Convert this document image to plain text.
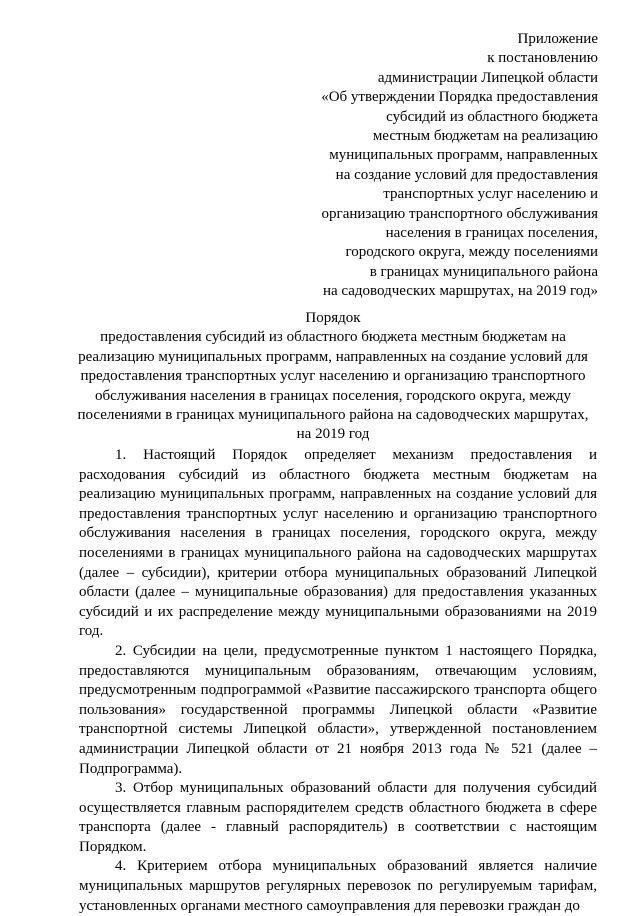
Приложение
к постановлению
администрации Липецкой области
«Об утверждении Порядка предоставления
субсидий из областного бюджета
местным бюджетам на реализацию
муниципальных программ, направленных
на создание условий для предоставления
транспортных услуг населению и
организацию транспортного обслуживания
населения в границах поселения,
городского округа, между поселениями
в границах муниципального района
на садоводческих маршрутах, на 2019 год»
Порядок
предоставления субсидий из областного бюджета местным бюджетам на
реализацию муниципальных программ, направленных на создание условий для
предоставления транспортных услуг населению и организацию транспортного
обслуживания населения в границах поселения, городского округа, между
поселениями в границах муниципального района на садоводческих маршрутах,
на 2019 год

1. Настоящий Порядок определяет механизм предоставления и расходования субсидий из областного бюджета местным бюджетам на реализацию муниципальных программ, направленных на создание условий для предоставления транспортных услуг населению и организацию транспортного обслуживания населения в границах поселения, городского округа, между поселениями в границах муниципального района на садоводческих маршрутах (далее – субсидии), критерии отбора муниципальных образований Липецкой области (далее – муниципальные образования) для предоставления указанных субсидий и их распределение между муниципальными образованиями на 2019 год.

2. Субсидии на цели, предусмотренные пунктом 1 настоящего Порядка, предоставляются муниципальным образованиям, отвечающим условиям, предусмотренным подпрограммой «Развитие пассажирского транспорта общего пользования» государственной программы Липецкой области «Развитие транспортной системы Липецкой области», утвержденной постановлением администрации Липецкой области от 21 ноября 2013 года № 521 (далее – Подпрограмма).

3. Отбор муниципальных образований области для получения субсидий осуществляется главным распорядителем средств областного бюджета в сфере транспорта (далее - главный распорядитель) в соответствии с настоящим Порядком.

4. Критерием отбора муниципальных образований является наличие муниципальных маршрутов регулярных перевозок по регулируемым тарифам, установленных органами местного самоуправления для перевозки граждан до
